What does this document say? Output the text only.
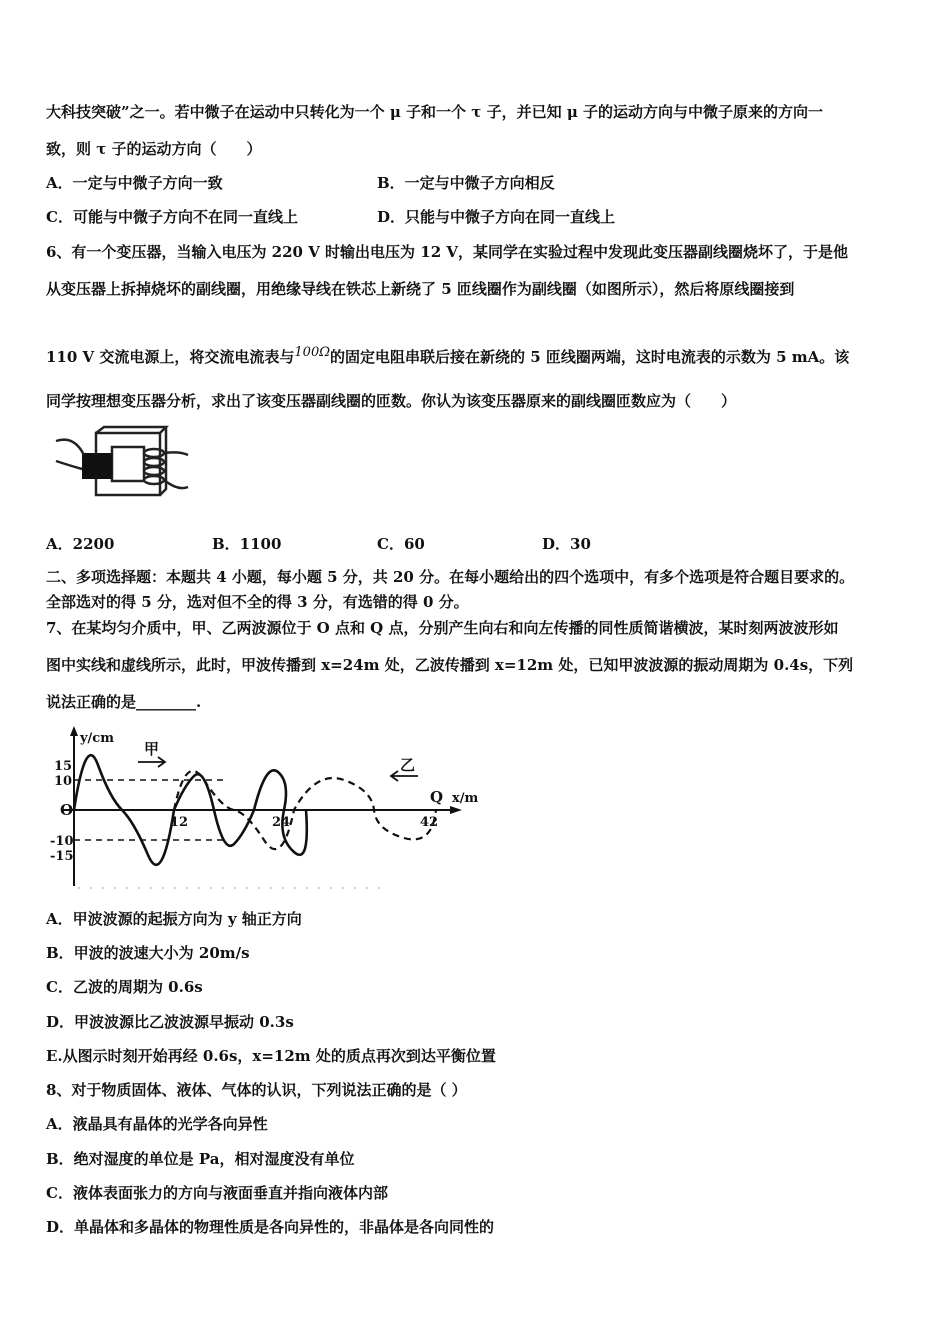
大科技突破”之一。若中微子在运动中只转化为一个 μ 子和一个 τ 子，并已知 μ 子的运动方向与中微子原来的方向一
致，则 τ 子的运动方向（　　）
A．一定与中微子方向一致	B．一定与中微子方向相反
C．可能与中微子方向不在同一直线上	D．只能与中微子方向在同一直线上
6、有一个变压器，当输入电压为 220 V 时输出电压为 12 V，某同学在实验过程中发现此变压器副线圈烧坏了，于是他
从变压器上拆掉烧坏的副线圈，用绝缘导线在铁芯上新绕了 5 匝线圈作为副线圈（如图所示），然后将原线圈接到
110 V 交流电源上，将交流电流表与100Ω的固定电阻串联后接在新绕的 5 匝线圈两端，这时电流表的示数为 5 mA。该
同学按理想变压器分析，求出了该变压器副线圈的匝数。你认为该变压器原来的副线圈匝数应为（　　）
A．2200	B．1100	C．60	D．30
二、多项选择题：本题共 4 小题，每小题 5 分，共 20 分。在每小题给出的四个选项中，有多个选项是符合题目要求的。
全部选对的得 5 分，选对但不全的得 3 分，有选错的得 0 分。
7、在某均匀介质中，甲、乙两波源位于 O 点和 Q 点，分别产生向右和向左传播的同性质简谐横波，某时刻两波波形如
图中实线和虚线所示，此时，甲波传播到 x=24m 处，乙波传播到 x=12m 处，已知甲波波源的振动周期为 0.4s，下列
说法正确的是________.
y/cm
x/m
O
Q
15
10
-10
-15
12	24	42
甲
乙
A．甲波波源的起振方向为 y 轴正方向
B．甲波的波速大小为 20m/s
C．乙波的周期为 0.6s
D．甲波波源比乙波波源早振动 0.3s
E.从图示时刻开始再经 0.6s，x=12m 处的质点再次到达平衡位置
8、对于物质固体、液体、气体的认识，下列说法正确的是（ ）
A．液晶具有晶体的光学各向异性
B．绝对湿度的单位是 Pa，相对湿度没有单位
C．液体表面张力的方向与液面垂直并指向液体内部
D．单晶体和多晶体的物理性质是各向异性的，非晶体是各向同性的
